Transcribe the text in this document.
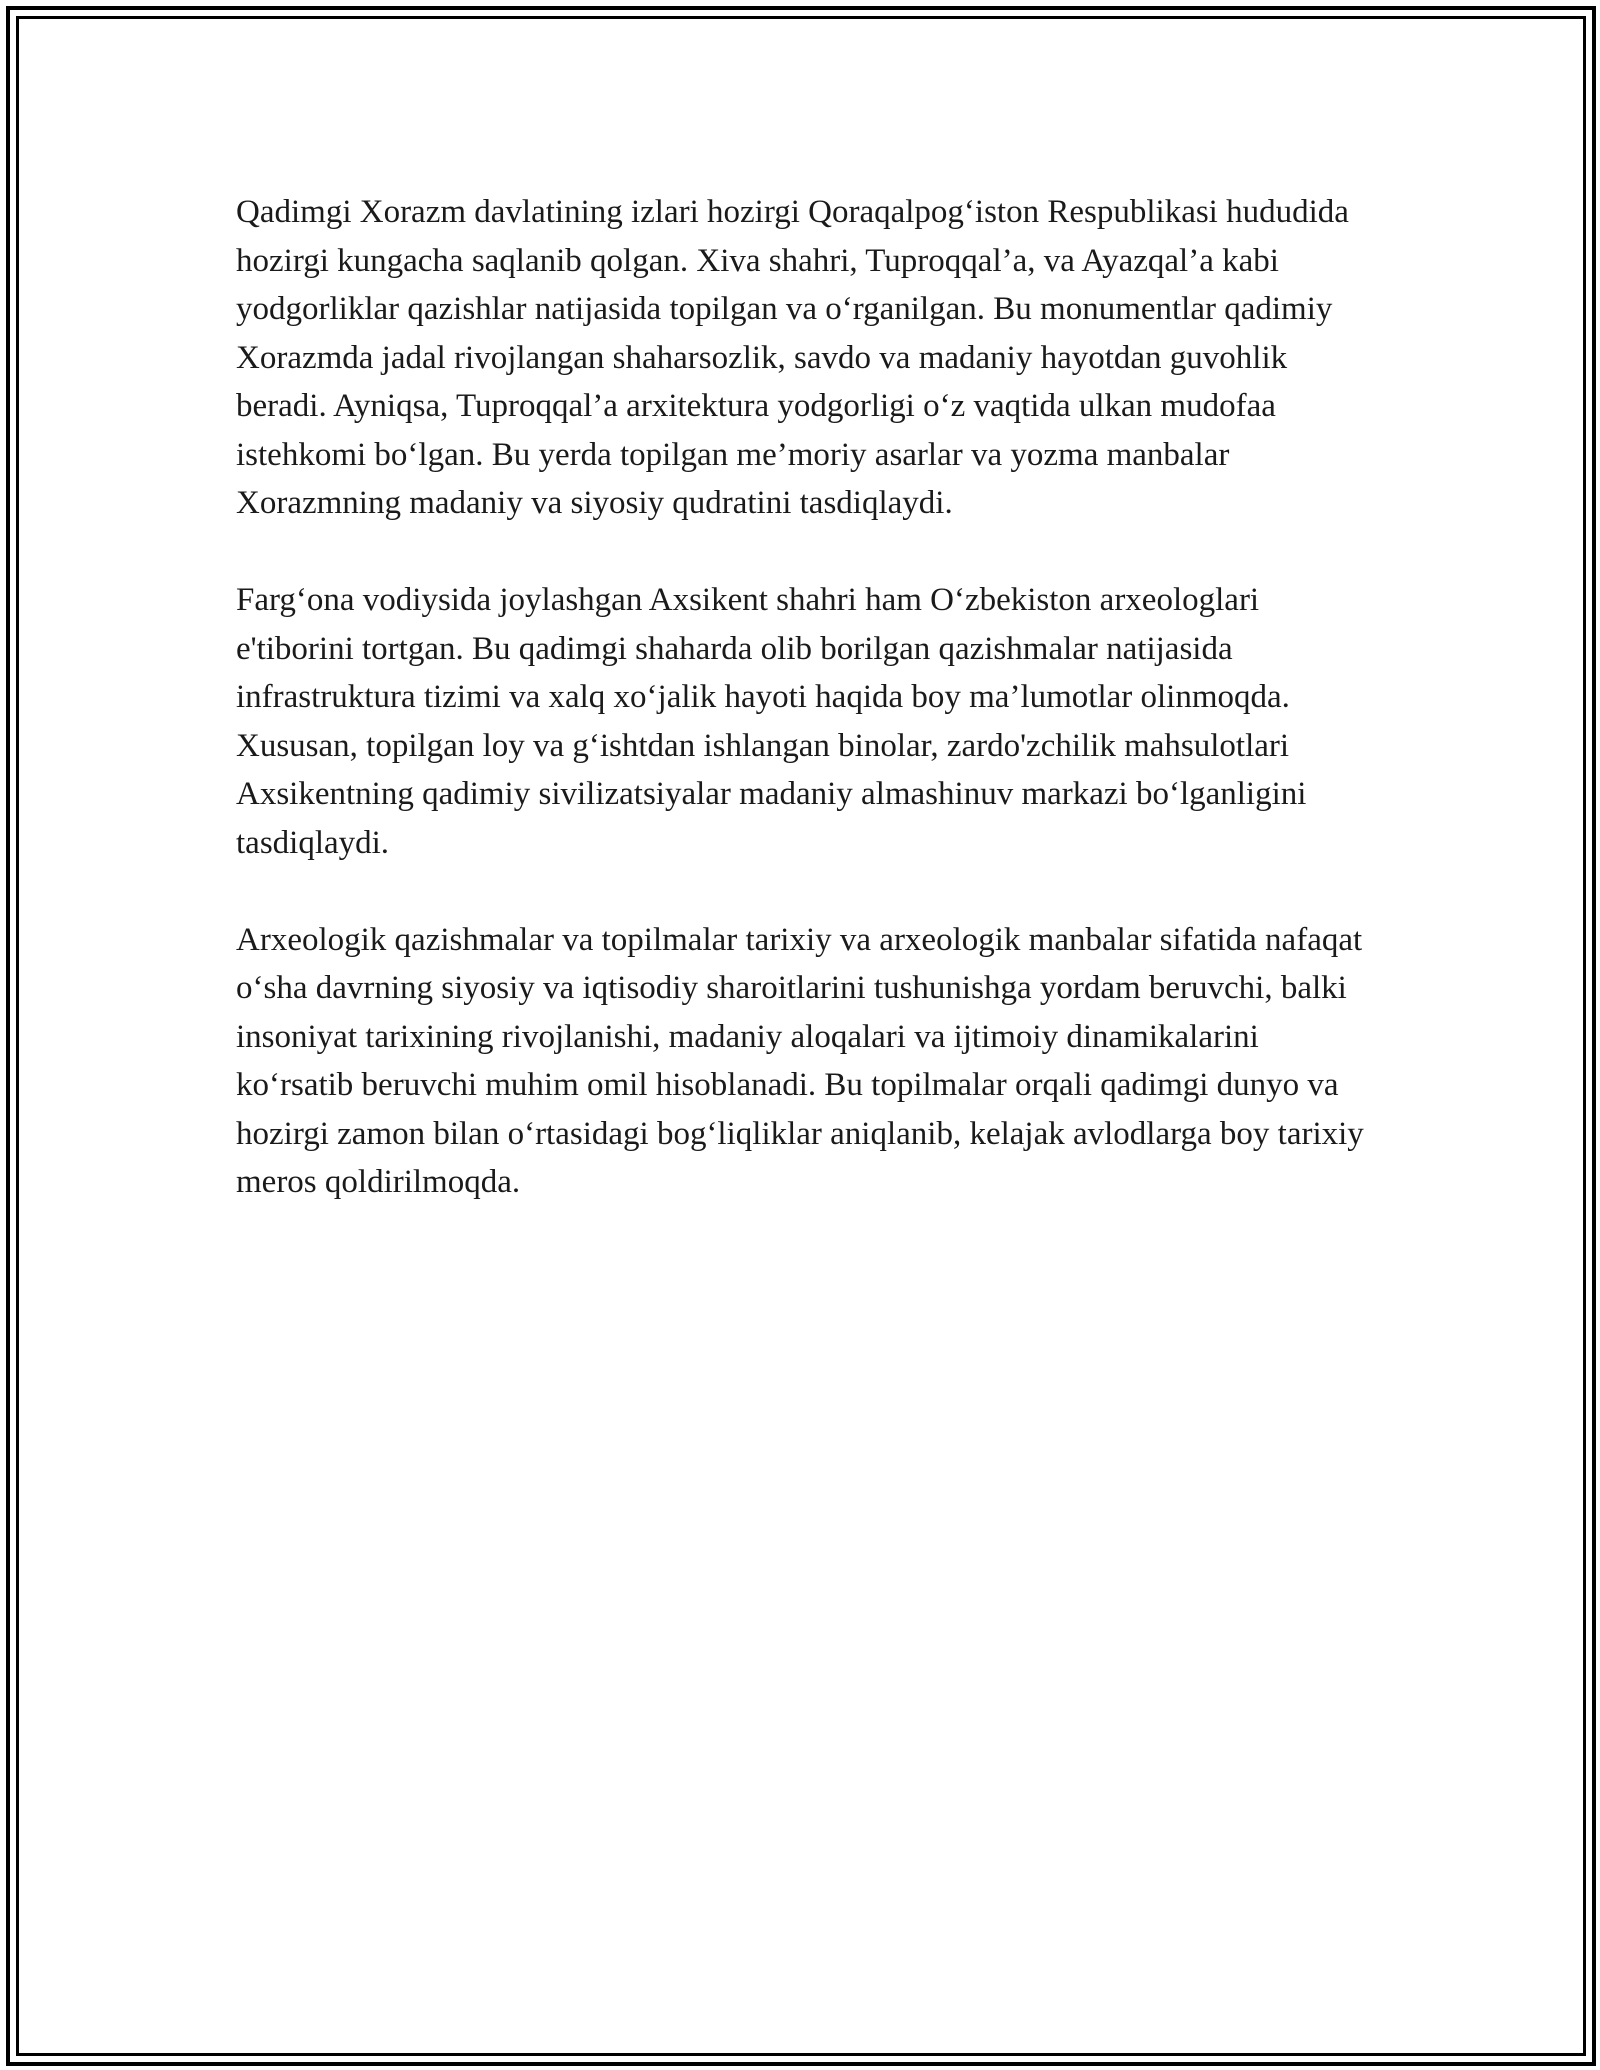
Qadimgi Xorazm davlatining izlari hozirgi Qoraqalpog‘iston Respublikasi hududida hozirgi kungacha saqlanib qolgan. Xiva shahri, Tuproqqal’a, va Ayazqal’a kabi yodgorliklar qazishlar natijasida topilgan va o‘rganilgan. Bu monumentlar qadimiy Xorazmda jadal rivojlangan shaharsozlik, savdo va madaniy hayotdan guvohlik beradi. Ayniqsa, Tuproqqal’a arxitektura yodgorligi o‘z vaqtida ulkan mudofaa istehkomi bo‘lgan. Bu yerda topilgan me’moriy asarlar va yozma manbalar Xorazmning madaniy va siyosiy qudratini tasdiqlaydi.

Farg‘ona vodiysida joylashgan Axsikent shahri ham O‘zbekiston arxeologlari e'tiborini tortgan. Bu qadimgi shaharda olib borilgan qazishmalar natijasida infrastruktura tizimi va xalq xo‘jalik hayoti haqida boy ma’lumotlar olinmoqda. Xususan, topilgan loy va g‘ishtdan ishlangan binolar, zardo'zchilik mahsulotlari Axsikentning qadimiy sivilizatsiyalar madaniy almashinuv markazi bo‘lganligini tasdiqlaydi.

Arxeologik qazishmalar va topilmalar tarixiy va arxeologik manbalar sifatida nafaqat o‘sha davrning siyosiy va iqtisodiy sharoitlarini tushunishga yordam beruvchi, balki insoniyat tarixining rivojlanishi, madaniy aloqalari va ijtimoiy dinamikalarini ko‘rsatib beruvchi muhim omil hisoblanadi. Bu topilmalar orqali qadimgi dunyo va hozirgi zamon bilan o‘rtasidagi bog‘liqliklar aniqlanib, kelajak avlodlarga boy tarixiy meros qoldirilmoqda.
